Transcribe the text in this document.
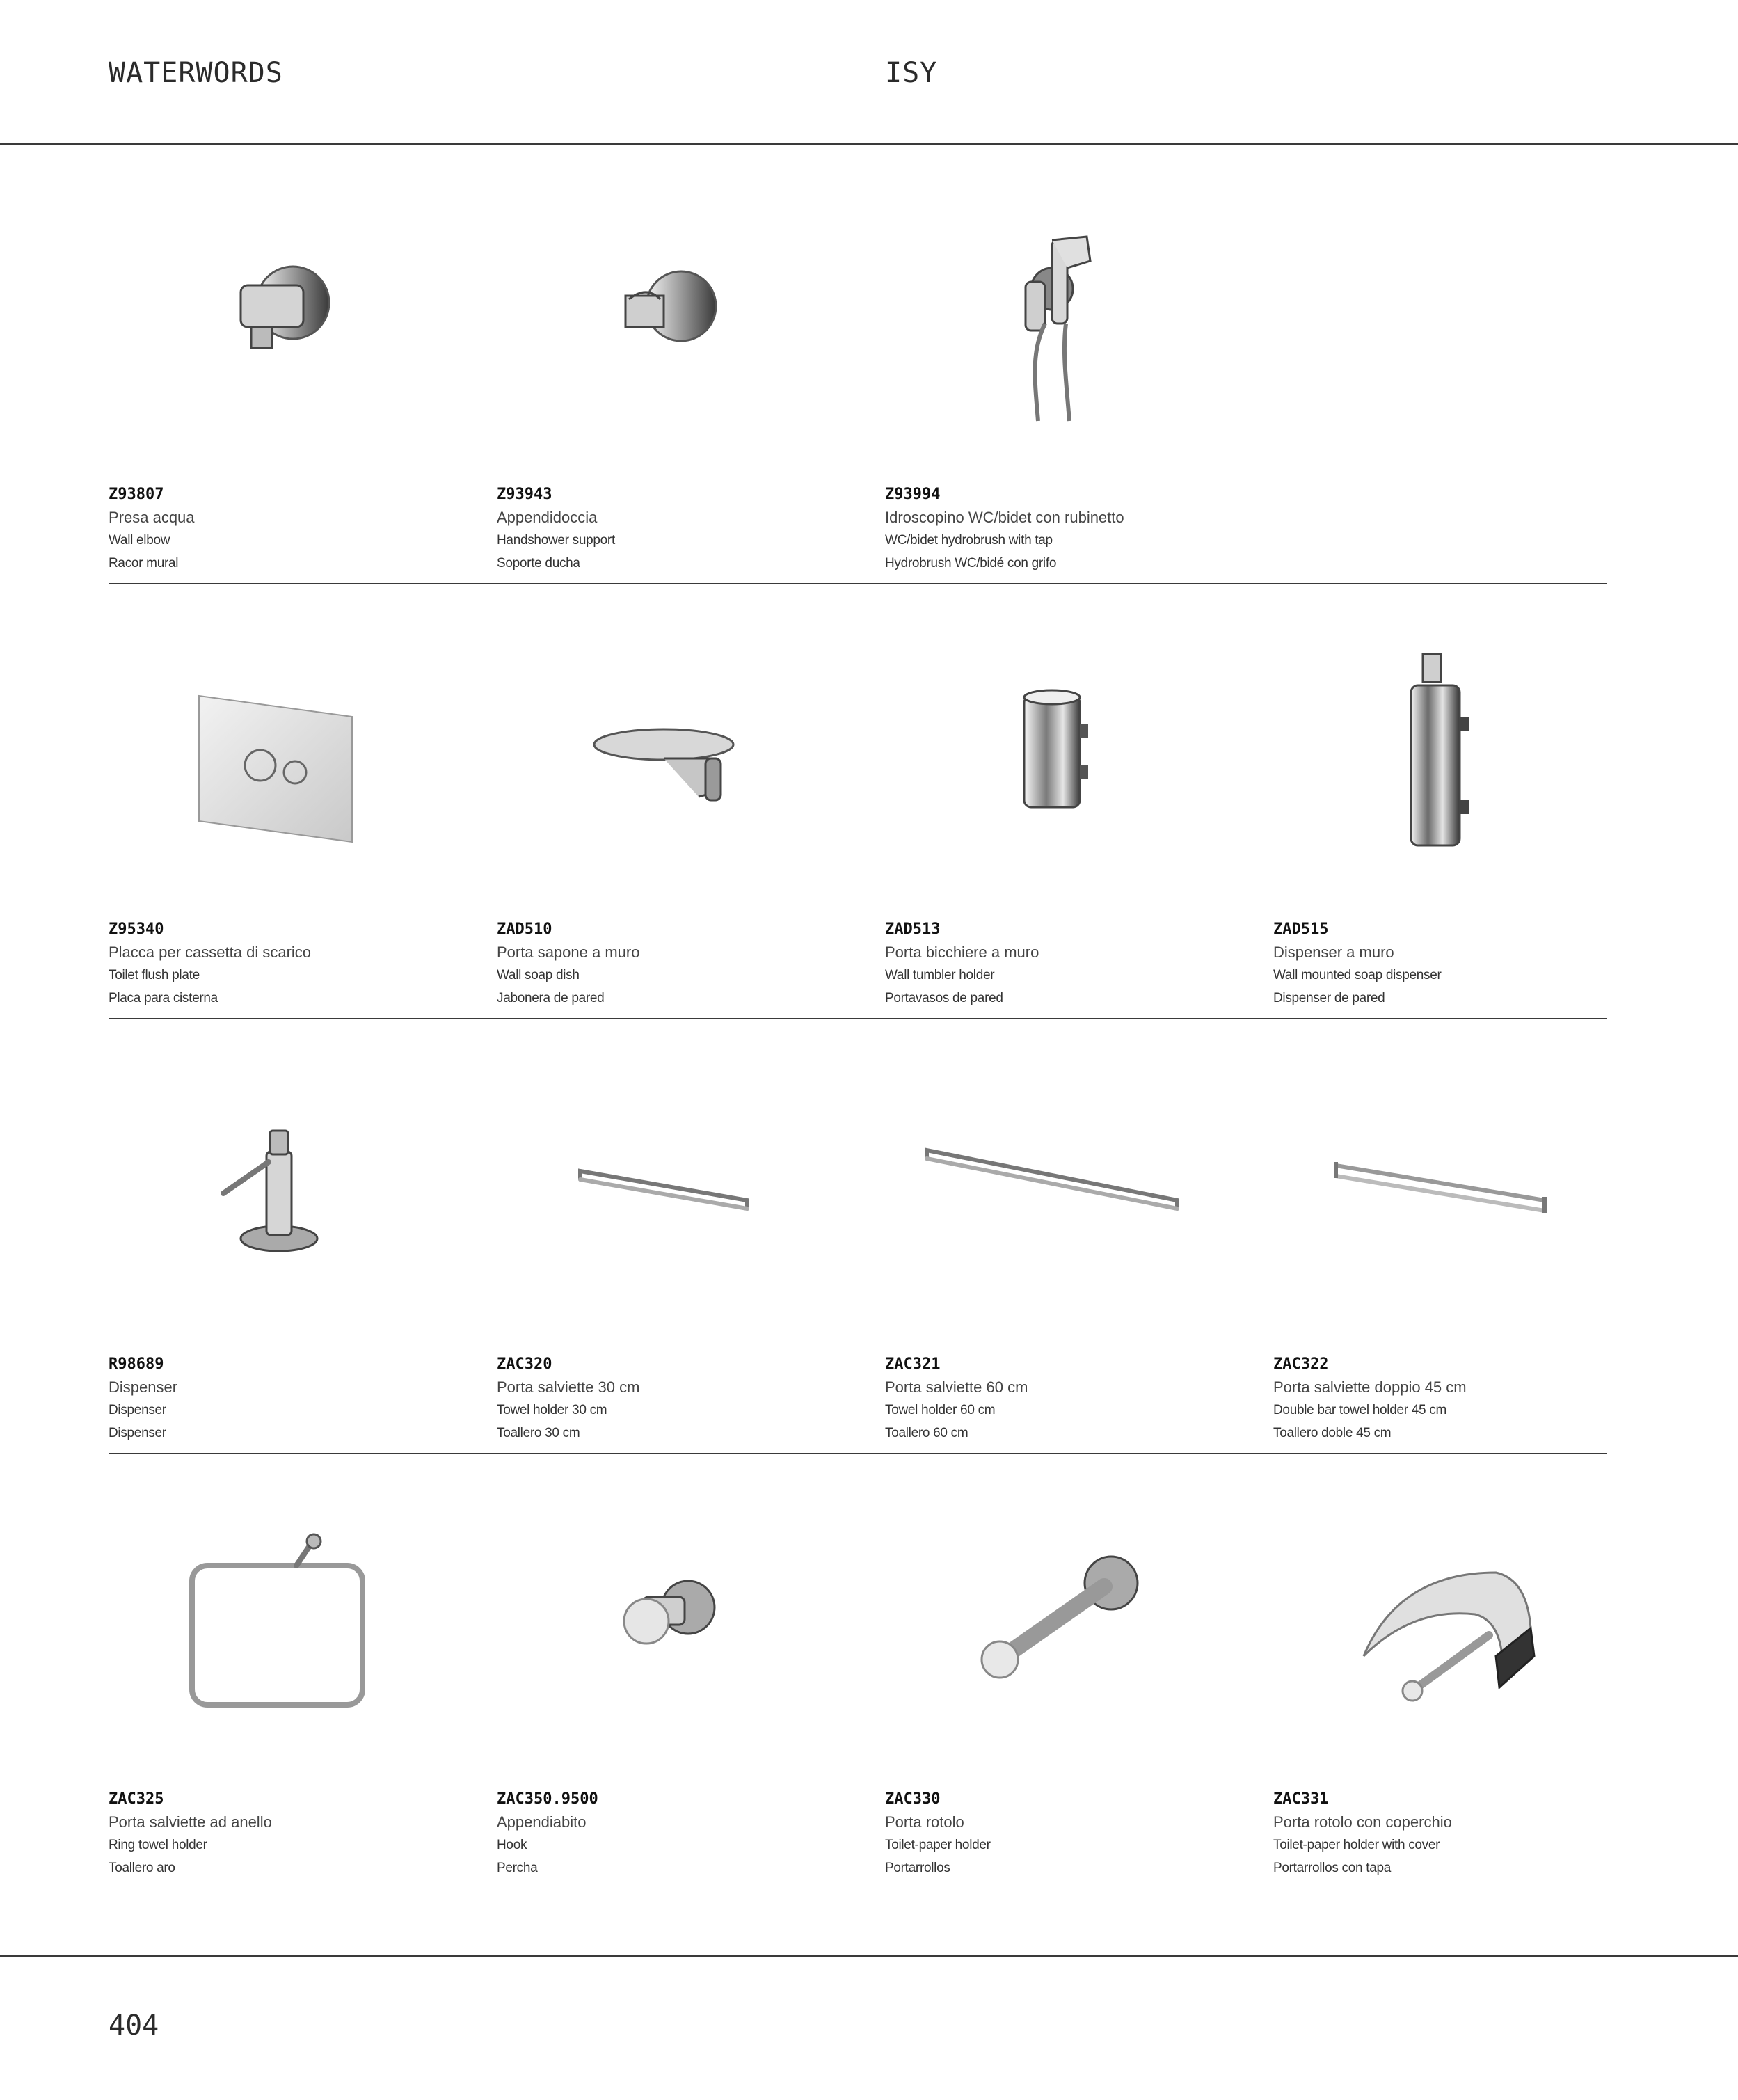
WATERWORDS	ISY
Z93807
Presa acqua
Wall elbow
Racor mural
Z93943
Appendidoccia
Handshower support
Soporte ducha
Z93994
Idroscopino WC/bidet con rubinetto
WC/bidet hydrobrush with tap
Hydrobrush WC/bidé con grifo
Z95340
Placca per cassetta di scarico
Toilet flush plate
Placa para cisterna
ZAD510
Porta sapone a muro
Wall soap dish
Jabonera de pared
ZAD513
Porta bicchiere a muro
Wall tumbler holder
Portavasos de pared
ZAD515
Dispenser a muro
Wall mounted soap dispenser
Dispenser de pared
R98689
Dispenser
Dispenser
Dispenser
ZAC320
Porta salviette 30 cm
Towel holder 30 cm
Toallero 30 cm
ZAC321
Porta salviette 60 cm
Towel holder 60 cm
Toallero 60 cm
ZAC322
Porta salviette doppio 45 cm
Double bar towel holder 45 cm
Toallero doble 45 cm
ZAC325
Porta salviette ad anello
Ring towel holder
Toallero aro
ZAC350.9500
Appendiabito
Hook
Percha
ZAC330
Porta rotolo
Toilet-paper holder
Portarrollos
ZAC331
Porta rotolo con coperchio
Toilet-paper holder with cover
Portarrollos con tapa
404
